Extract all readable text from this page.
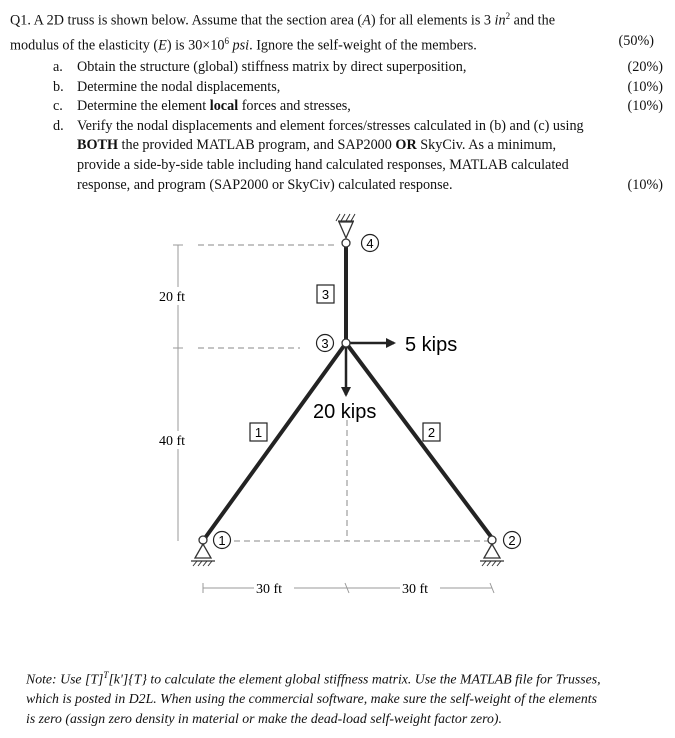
Q1. A 2D truss is shown below. Assume that the section area (A) for all elements is 3 $in^2$ and the
modulus of the elasticity (E) is $30\times 10^6$ psi. Ignore the self-weight of the members.	(50%)
a. Obtain the structure (global) stiffness matrix by direct superposition,	(20%)
b. Determine the nodal displacements,	(10%)
c. Determine the element local forces and stresses,	(10%)
d. Verify the nodal displacements and element forces/stresses calculated in (b) and (c) using
BOTH the provided MATLAB program, and SAP2000 OR SkyCiv. As a minimum,
provide a side-by-side table including hand calculated responses, MATLAB calculated
response, and program (SAP2000 or SkyCiv) calculated response.	(10%)
20 ft
40 ft
30 ft	30 ft
5 kips
20 kips
4
3
1	2
3
1	2
Note: Use $[T]^T[k']\{T\}$ to calculate the element global stiffness matrix. Use the MATLAB file for Trusses,
which is posted in D2L. When using the commercial software, make sure the self-weight of the elements
is zero (assign zero density in material or make the dead-load self-weight factor zero).
